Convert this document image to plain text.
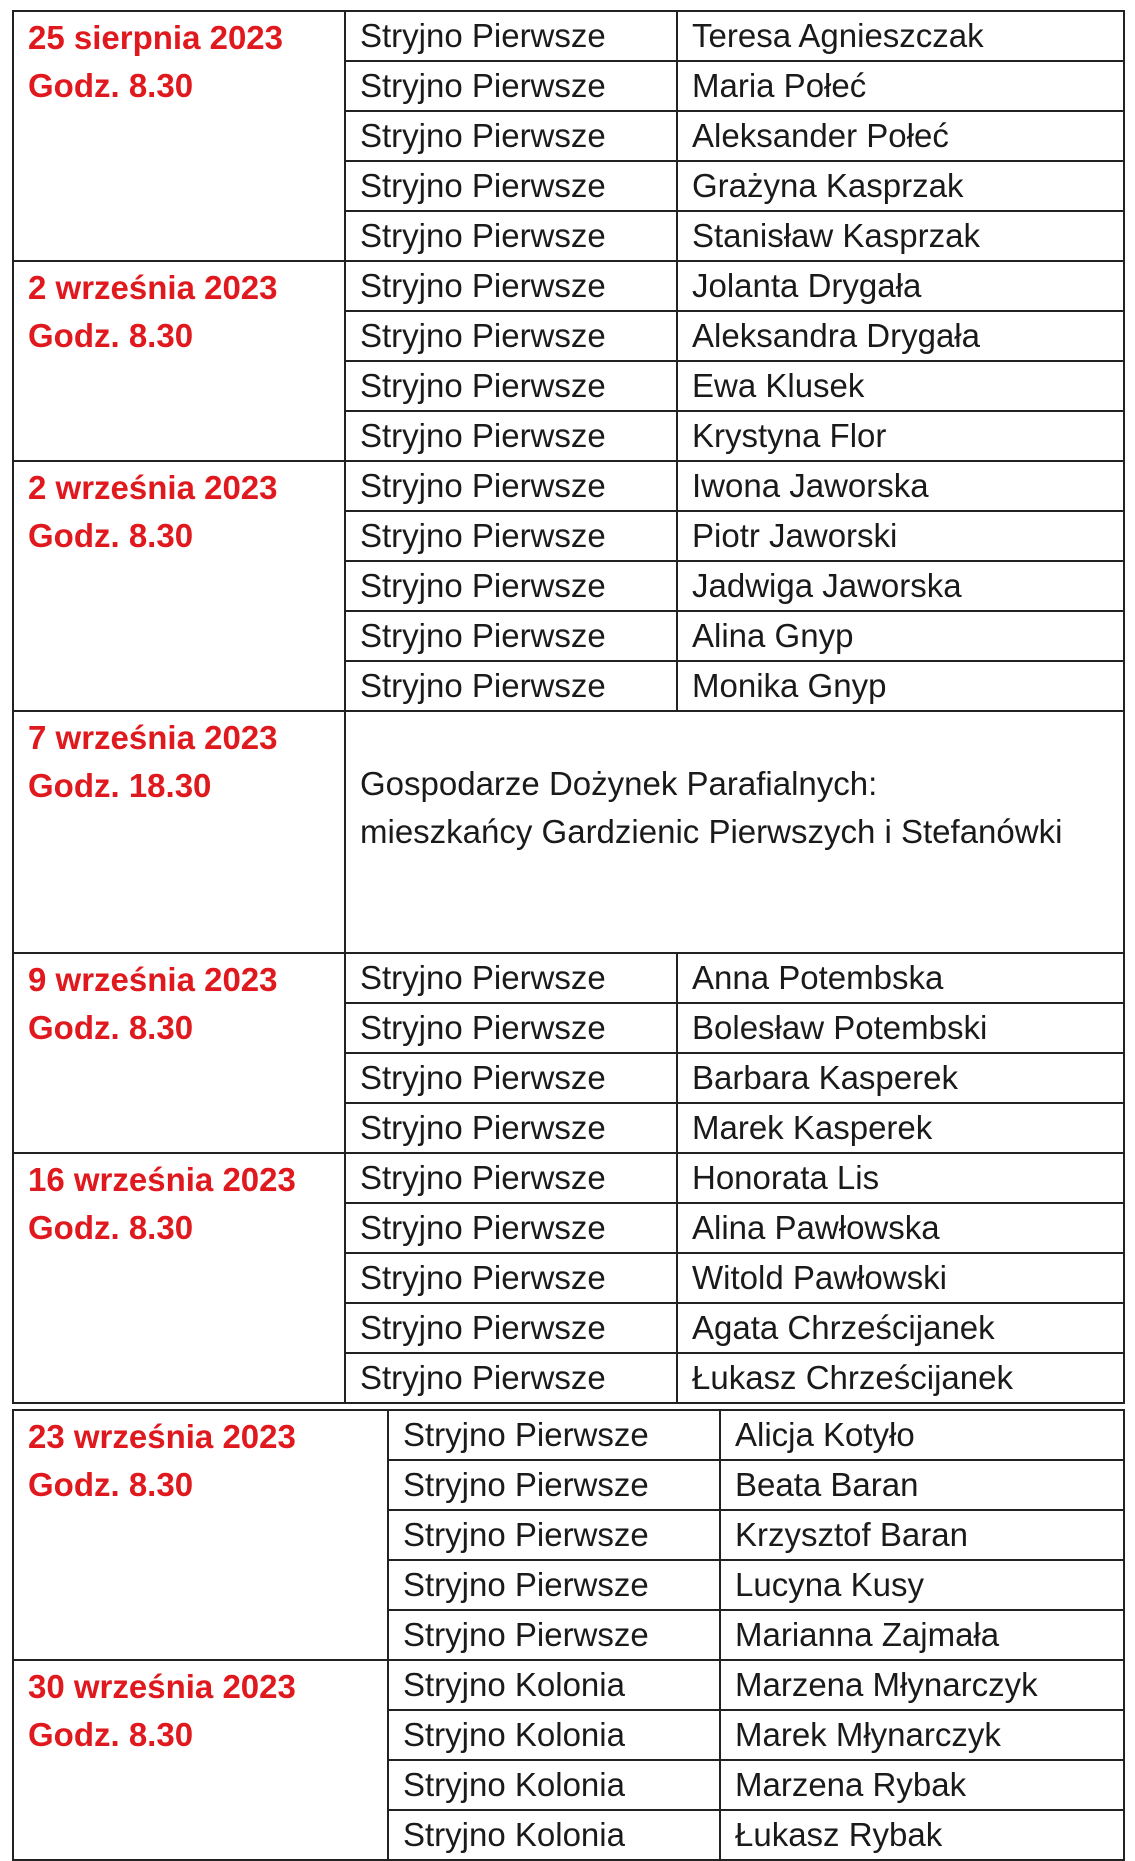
25 sierpnia 2023
Godz. 8.30	Stryjno Pierwsze	Teresa Agnieszczak
	Stryjno Pierwsze	Maria Połeć
	Stryjno Pierwsze	Aleksander Połeć
	Stryjno Pierwsze	Grażyna Kasprzak
	Stryjno Pierwsze	Stanisław Kasprzak

2 września 2023
Godz. 8.30	Stryjno Pierwsze	Jolanta Drygała
	Stryjno Pierwsze	Aleksandra Drygała
	Stryjno Pierwsze	Ewa Klusek
	Stryjno Pierwsze	Krystyna Flor

2 września 2023
Godz. 8.30	Stryjno Pierwsze	Iwona Jaworska
	Stryjno Pierwsze	Piotr Jaworski
	Stryjno Pierwsze	Jadwiga Jaworska
	Stryjno Pierwsze	Alina Gnyp
	Stryjno Pierwsze	Monika Gnyp

7 września 2023
Godz. 18.30	Gospodarze Dożynek Parafialnych:
mieszkańcy Gardzienic Pierwszych i Stefanówki	

9 września 2023
Godz. 8.30	Stryjno Pierwsze	Anna Potembska
	Stryjno Pierwsze	Bolesław Potembski
	Stryjno Pierwsze	Barbara Kasperek
	Stryjno Pierwsze	Marek Kasperek

16 września 2023
Godz. 8.30	Stryjno Pierwsze	Honorata Lis
	Stryjno Pierwsze	Alina Pawłowska
	Stryjno Pierwsze	Witold Pawłowski
	Stryjno Pierwsze	Agata Chrześcijanek
	Stryjno Pierwsze	Łukasz Chrześcijanek
23 września 2023
Godz. 8.30	Stryjno Pierwsze	Alicja Kotyło
	Stryjno Pierwsze	Beata Baran
	Stryjno Pierwsze	Krzysztof Baran
	Stryjno Pierwsze	Lucyna Kusy
	Stryjno Pierwsze	Marianna Zajmała

30 września 2023
Godz. 8.30	Stryjno Kolonia	Marzena Młynarczyk
	Stryjno Kolonia	Marek Młynarczyk
	Stryjno Kolonia	Marzena Rybak
	Stryjno Kolonia	Łukasz Rybak
